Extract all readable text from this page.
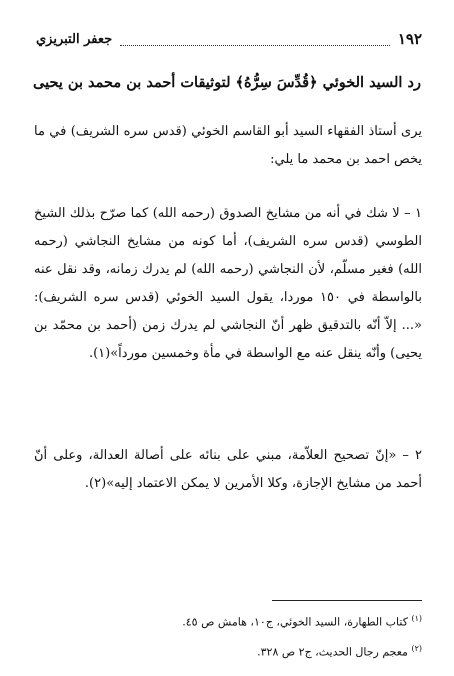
١٩٢
جعفر التبريزي
رد السيد الخوئي ﴿قُدِّسَ سِرُّهُ﴾ لتوثيقات أحمد بن محمد بن يحيى

يرى أستاذ الفقهاء السيد أبو القاسم الخوئي (قدس سره الشريف) في ما يخص احمد بن محمد ما يلي:

١ – لا شك في أنه من مشايخ الصدوق (رحمه الله) كما صرّح بذلك الشيخ الطوسي (قدس سره الشريف)، أما كونه من مشايخ النجاشي (رحمه الله) فغير مسلّم، لأن النجاشي (رحمه الله) لم يدرك زمانه، وقد نقل عنه بالواسطة في ١٥٠ موردا، يقول السيد الخوئي (قدس سره الشريف): «... إلاّ أنّه بالتدقيق ظهر أنّ النجاشي لم يدرك زمن (أحمد بن محمّد بن يحيى) وأنّه ينقل عنه مع الواسطة في مأة وخمسين مورداً»(١).

٢ – «إنّ تصحيح العلاّمة، مبني على بنائه على أصالة العدالة، وعلى أنّ أحمد من مشايخ الإجازة، وكلا الأمرين لا يمكن الاعتماد إليه»(٢).

$^{(١)}$ كتاب الطهارة، السيد الخوئي، ج١٠، هامش ص ٤٥.
$^{(٢)}$ معجم رجال الحديث، ج٢ ص ٣٢٨.
